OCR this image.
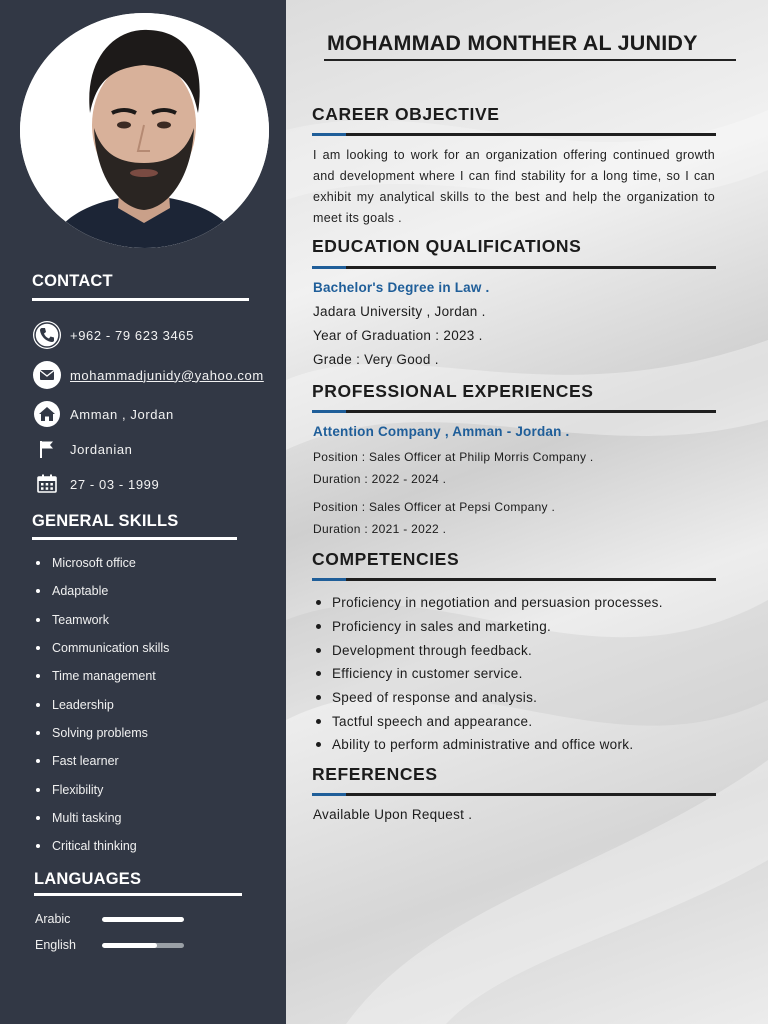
CONTACT
+962 - 79 623 3465
mohammadjunidy@yahoo.com
Amman , Jordan
Jordanian
27 - 03 - 1999
GENERAL SKILLS
Microsoft office
Adaptable
Teamwork
Communication skills
Time management
Leadership
Solving problems
Fast learner
Flexibility
Multi tasking
Critical thinking
LANGUAGES
Arabic
English
MOHAMMAD MONTHER AL JUNIDY
CAREER OBJECTIVE
I am looking to work for an organization offering continued growth and development where I can find stability for a long time, so I can exhibit my analytical skills to the best and help the organization to meet its goals .
EDUCATION QUALIFICATIONS
Bachelor's Degree in Law .
Jadara University , Jordan .
Year of Graduation : 2023 .
Grade : Very Good .
PROFESSIONAL EXPERIENCES
Attention Company , Amman - Jordan .
Position : Sales Officer at Philip Morris Company .
Duration : 2022 - 2024 .
Position : Sales Officer at Pepsi Company .
Duration : 2021 - 2022 .
COMPETENCIES
Proficiency in negotiation and persuasion processes.
Proficiency in sales and marketing.
Development through feedback.
Efficiency in customer service.
Speed of response and analysis.
Tactful speech and appearance.
Ability to perform administrative and office work.
REFERENCES
Available Upon Request .
